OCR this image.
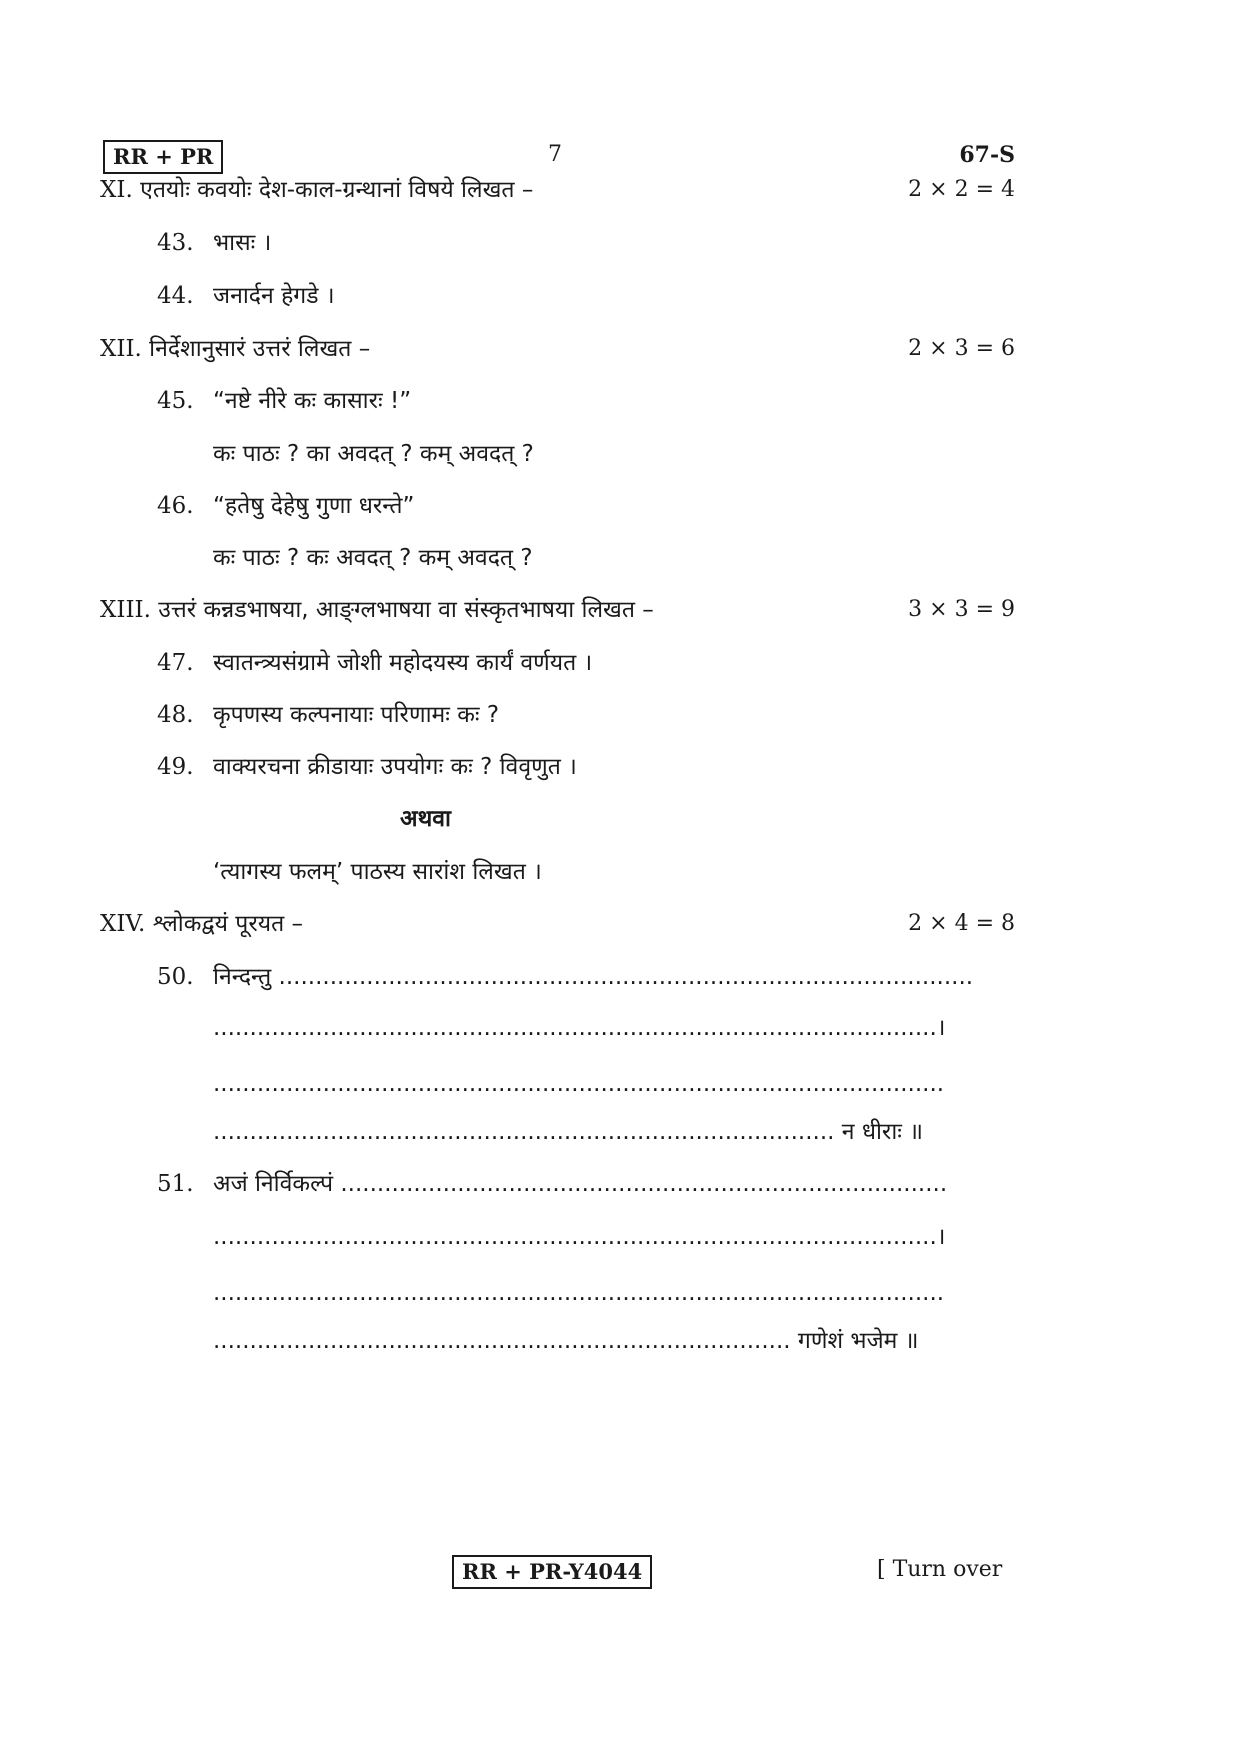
RR + PR	7	67-S
XI. एतयोः कवयोः देश-काल-ग्रन्थानां विषये लिखत –	2 × 2 = 4
43. भासः ।
44. जनार्दन हेगडे ।
XII. निर्देशानुसारं उत्तरं लिखत –	2 × 3 = 6
45. “नष्टे नीरे कः कासारः !”
कः पाठः ? का अवदत् ? कम् अवदत् ?
46. “हतेषु देहेषु गुणा धरन्ते”
कः पाठः ? कः अवदत् ? कम् अवदत् ?
XIII. उत्तरं कन्नडभाषया, आङ्ग्लभाषया वा संस्कृतभाषया लिखत –	3 × 3 = 9
47. स्वातन्त्र्यसंग्रामे जोशी महोदयस्य कार्यं वर्णयत ।
48. कृपणस्य कल्पनायाः परिणामः कः ?
49. वाक्यरचना क्रीडायाः उपयोगः कः ? विवृणुत ।
अथवा
‘त्यागस्य फलम्’ पाठस्य सारांश लिखत ।
XIV. श्लोकद्वयं पूरयत –	2 × 4 = 8
50. निन्दन्तु ...............................................................................................
...................................................................................................।
....................................................................................................
..................................................................................... न धीराः ॥
51. अजं निर्विकल्पं ...................................................................................
...................................................................................................।
....................................................................................................
............................................................................... गणेशं भजेम ॥
RR + PR-Y4044	[ Turn over
